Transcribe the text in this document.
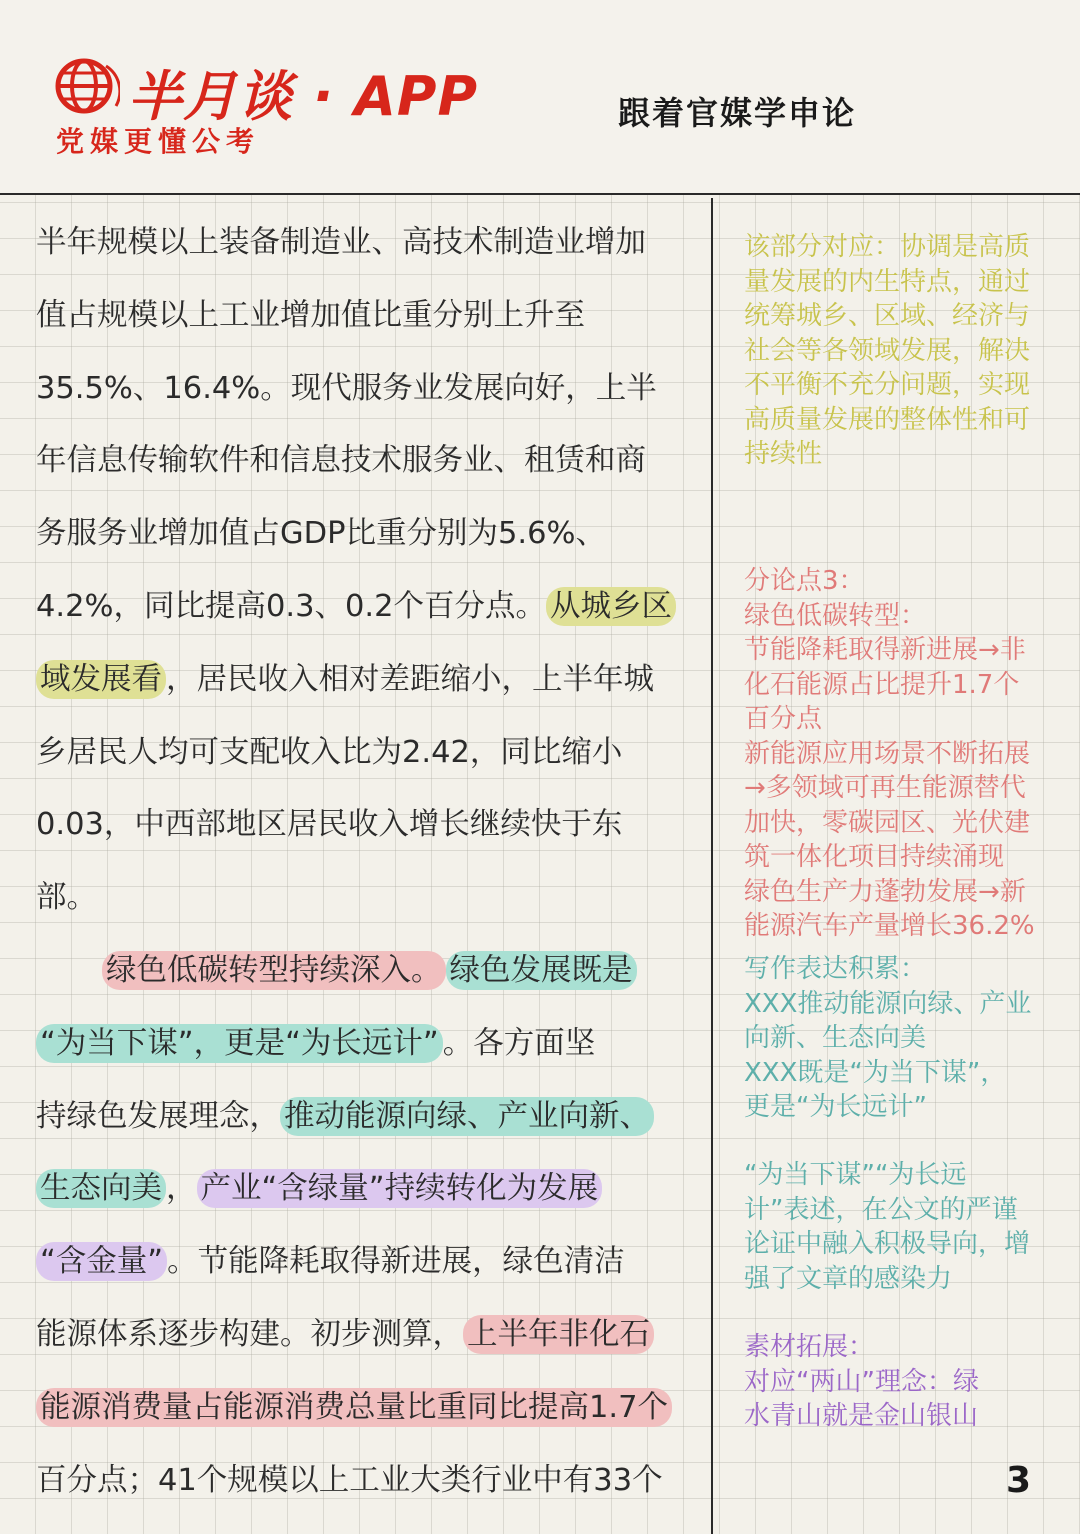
半月谈 · APP
党媒更懂公考
跟着官媒学申论
半年规模以上装备制造业、高技术制造业增加
值占规模以上工业增加值比重分别上升至
35.5%、16.4%。现代服务业发展向好，上半
年信息传输软件和信息技术服务业、租赁和商
务服务业增加值占GDP比重分别为5.6%、
4.2%，同比提高0.3、0.2个百分点。 从城乡区
域发展看 ，居民收入相对差距缩小，上半年城
乡居民人均可支配收入比为2.42，同比缩小
0.03，中西部地区居民收入增长继续快于东
部。
绿色低碳转型持续深入。 绿色发展既是
“为当下谋”，更是“为长远计” 。各方面坚
持绿色发展理念， 推动能源向绿、产业向新、
生态向美 ， 产业“含绿量”持续转化为发展
“含金量” 。节能降耗取得新进展，绿色清洁
能源体系逐步构建。初步测算， 上半年非化石
能源消费量占能源消费总量比重同比提高1.7个
百分点；41个规模以上工业大类行业中有33个

该部分对应：协调是高质

量发展的内生特点，通过

统筹城乡、区域、经济与

社会等各领域发展，解决

不平衡不充分问题，实现

高质量发展的整体性和可

持续性

分论点3：

绿色低碳转型：

节能降耗取得新进展→非

化石能源占比提升1.7个

百分点

新能源应用场景不断拓展

→多领域可再生能源替代

加快，零碳园区、光伏建

筑一体化项目持续涌现

绿色生产力蓬勃发展→新

能源汽车产量增长36.2%

写作表达积累：

XXX推动能源向绿、产业

向新、生态向美

XXX既是“为当下谋”，

更是“为长远计”

“为当下谋”“为长远

计”表述，在公文的严谨

论证中融入积极导向，增

强了文章的感染力

素材拓展：

对应“两山”理念：绿

水青山就是金山银山

3
